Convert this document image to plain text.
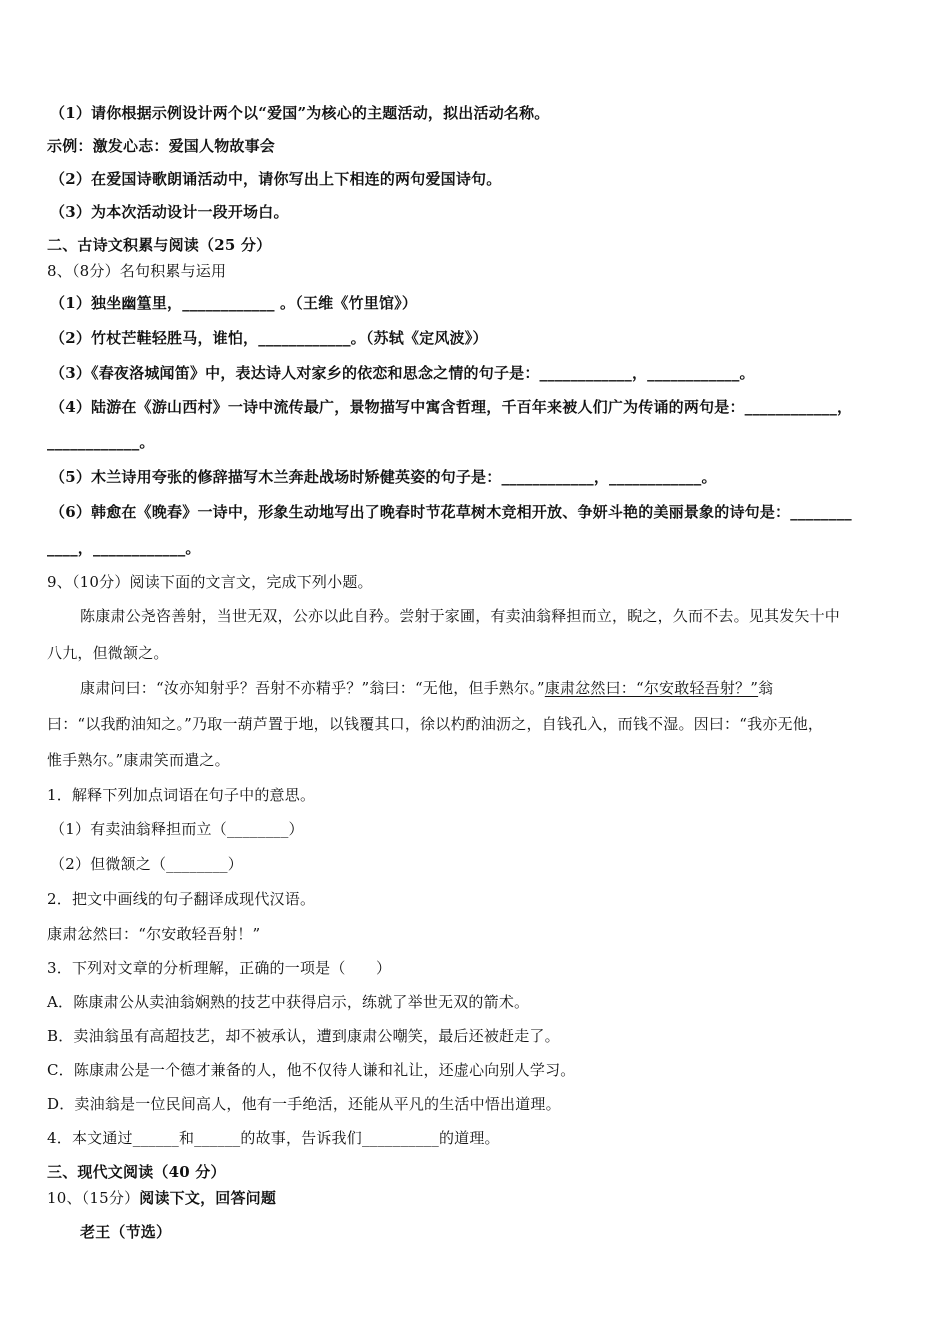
（1）请你根据示例设计两个以“爱国”为核心的主题活动，拟出活动名称。
示例：激发心志：爱国人物故事会
（2）在爱国诗歌朗诵活动中，请你写出上下相连的两句爱国诗句。
（3）为本次活动设计一段开场白。
二、古诗文积累与阅读（25 分）
8、（8分）名句积累与运用
（1）独坐幽篁里，____________ 。（王维《竹里馆》）
（2）竹杖芒鞋轻胜马，谁怕，____________。（苏轼《定风波》）
（3）《春夜洛城闻笛》中，表达诗人对家乡的依恋和思念之情的句子是：____________，____________。
（4）陆游在《游山西村》一诗中流传最广，景物描写中寓含哲理，千百年来被人们广为传诵的两句是：____________，
____________。
（5）木兰诗用夸张的修辞描写木兰奔赴战场时矫健英姿的句子是：____________，____________。
（6）韩愈在《晚春》一诗中，形象生动地写出了晚春时节花草树木竞相开放、争妍斗艳的美丽景象的诗句是：________
____，____________。
9、（10分）阅读下面的文言文，完成下列小题。
陈康肃公尧咨善射，当世无双，公亦以此自矜。尝射于家圃，有卖油翁释担而立，睨之，久而不去。见其发矢十中
八九，但微颔之。
康肃问曰：“汝亦知射乎？吾射不亦精乎？”翁曰：“无他，但手熟尔。”康肃忿然曰：“尔安敢轻吾射？”翁
曰：“以我酌油知之。”乃取一葫芦置于地，以钱覆其口，徐以杓酌油沥之，自钱孔入，而钱不湿。因曰：“我亦无他，
惟手熟尔。”康肃笑而遣之。
1．解释下列加点词语在句子中的意思。
（1）有卖油翁释担而立（________）
（2）但微颔之（________）
2．把文中画线的句子翻译成现代汉语。
康肃忿然曰：“尔安敢轻吾射！”
3．下列对文章的分析理解，正确的一项是（　　）
A．陈康肃公从卖油翁娴熟的技艺中获得启示，练就了举世无双的箭术。
B．卖油翁虽有高超技艺，却不被承认，遭到康肃公嘲笑，最后还被赶走了。
C．陈康肃公是一个德才兼备的人，他不仅待人谦和礼让，还虚心向别人学习。
D．卖油翁是一位民间高人，他有一手绝活，还能从平凡的生活中悟出道理。
4．本文通过______和______的故事，告诉我们__________的道理。
三、现代文阅读（40 分）
10、（15分）阅读下文，回答问题
老王（节选）
